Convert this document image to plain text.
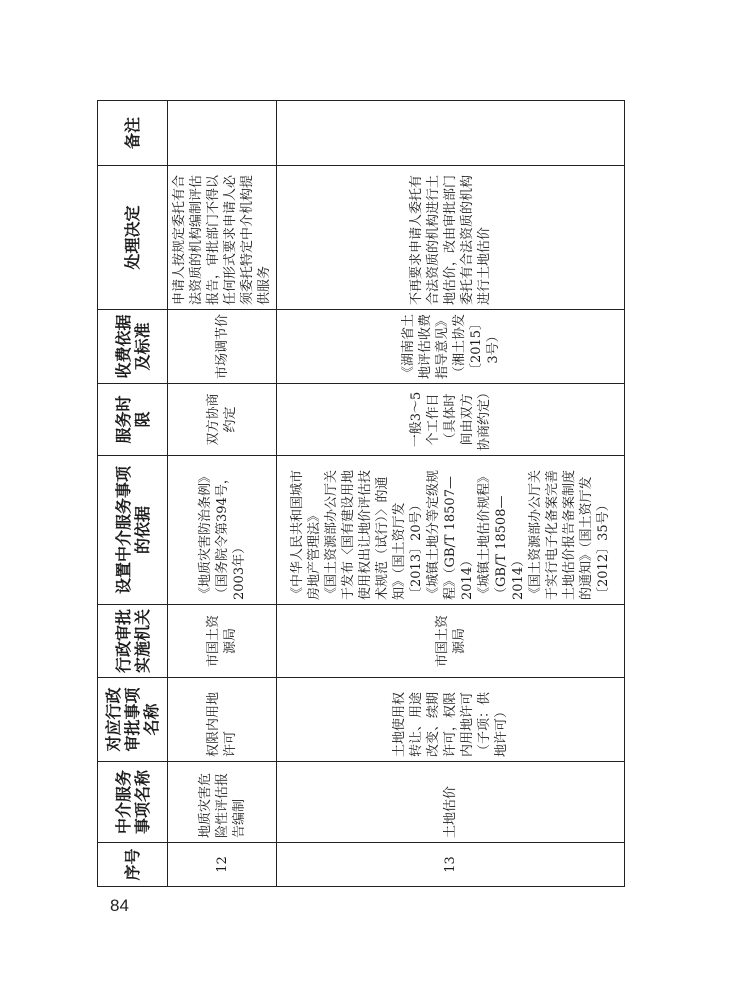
序号	中介服务事项名称	对应行政审批事项名称	行政审批实施机关	设置中介服务事项的依据	服务时限	收费依据及标准	处理决定	备注
12	地质灾害危险性评估报告编制	权限内用地许可	市国土资源局	《地质灾害防治条例》（国务院令第394号，2003年）	双方协商约定	市场调节价	申请人按规定委托有合法资质的机构编制评估报告，审批部门不得以任何形式要求申请人必须委托特定中介机构提供服务	
13	土地估价	土地使用权转让、用途改变、续期许可，权限内用地许可（子项：供地许可）	市国土资源局	《中华人民共和国城市房地产管理法》 《国土资源部办公厅关于发布〈国有建设用地使用权出让地价评估技术规范（试行）〉的通知》（国土资厅发〔2013〕20号） 《城镇土地分等定级规程》（GB/T 18507—2014） 《城镇土地估价规程》（GB/T 18508—2014） 《国土资源部办公厅关于实行电子化备案完善土地估价报告备案制度的通知》（国土资厅发〔2012〕35号）	一般3～5个工作日（具体时间由双方协商约定）	《湖南省土地评估收费指导意见》（湘土协发〔2015〕3号）	不再要求申请人委托有合法资质的机构进行土地估价，改由审批部门委托有合法资质的机构进行土地估价	
84
